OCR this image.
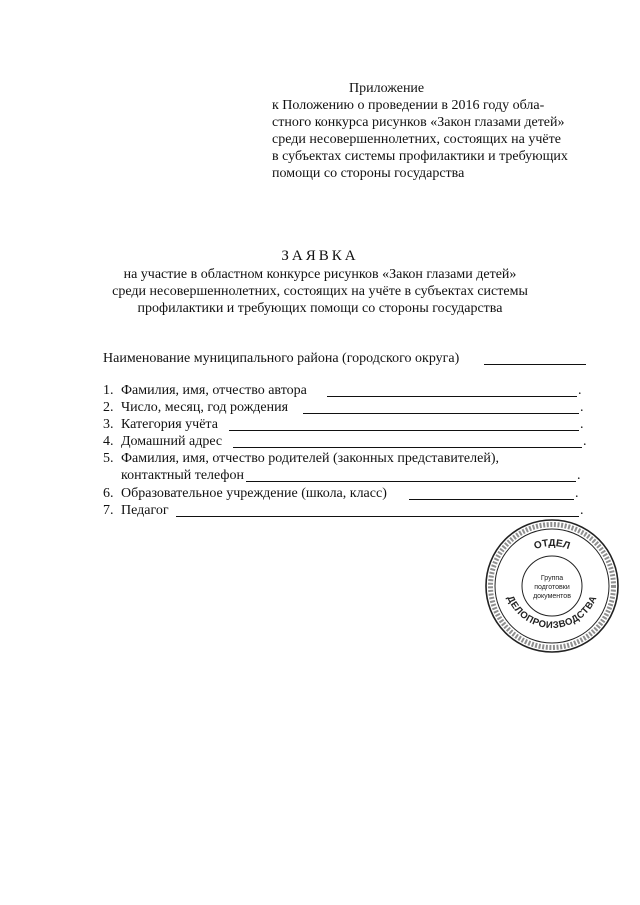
Приложение
к Положению о проведении в 2016 году обла-
стного конкурса рисунков «Закон глазами детей»
среди несовершеннолетних, состоящих на учёте
в субъектах системы профилактики и требующих
помощи со стороны государства
ЗАЯВКА
на участие в областном конкурсе рисунков «Закон глазами детей»
среди несовершеннолетних, состоящих на учёте в субъектах системы
профилактики и требующих помощи со стороны государства
Наименование муниципального района (городского округа)
1. Фамилия, имя, отчество автора	.
2. Число, месяц, год рождения	.
3. Категория учёта	.
4. Домашний адрес	.
5. Фамилия, имя, отчество родителей (законных представителей),
контактный телефон	.
6. Образовательное учреждение (школа, класс)	.
7. Педагог	.
ОТДЕЛ
ДЕЛОПРОИЗВОДСТВА
Группа
подготовки
документов
